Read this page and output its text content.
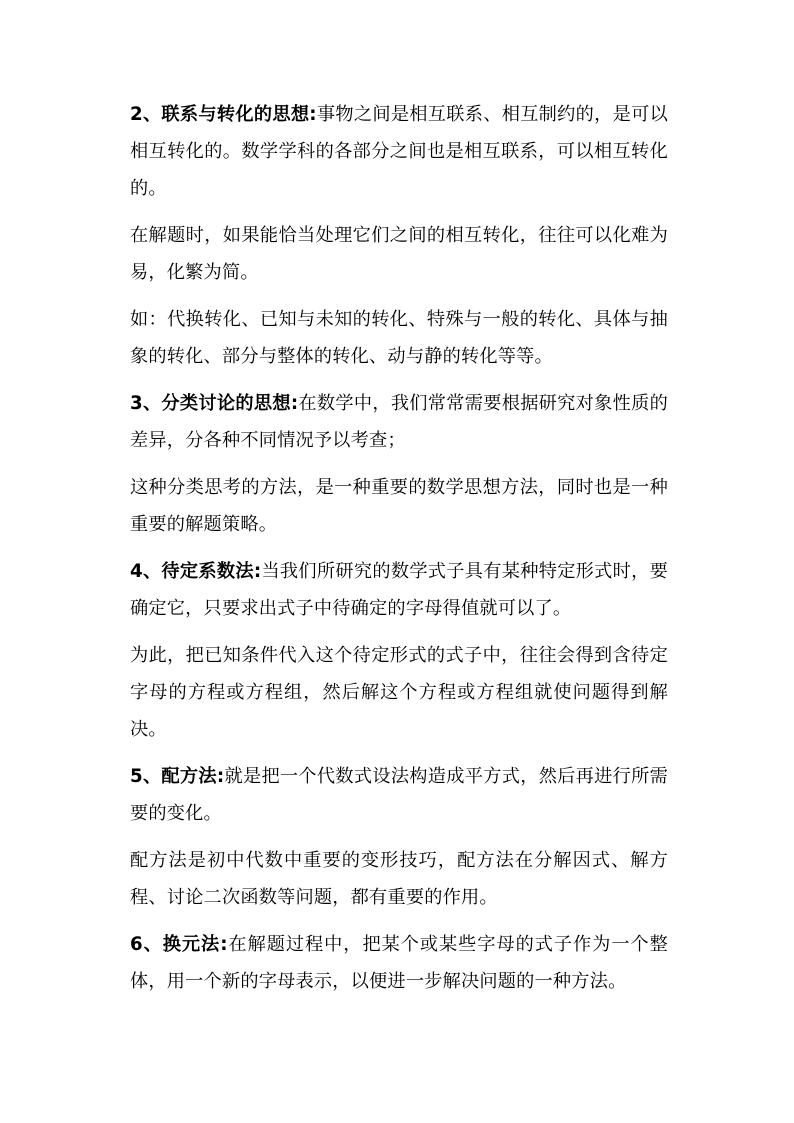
2、联系与转化的思想:事物之间是相互联系、相互制约的，是可以相互转化的。数学学科的各部分之间也是相互联系，可以相互转化的。

在解题时，如果能恰当处理它们之间的相互转化，往往可以化难为易，化繁为简。

如：代换转化、已知与未知的转化、特殊与一般的转化、具体与抽象的转化、部分与整体的转化、动与静的转化等等。

3、分类讨论的思想:在数学中，我们常常需要根据研究对象性质的差异，分各种不同情况予以考查；

这种分类思考的方法，是一种重要的数学思想方法，同时也是一种重要的解题策略。

4、待定系数法:当我们所研究的数学式子具有某种特定形式时，要确定它，只要求出式子中待确定的字母得值就可以了。

为此，把已知条件代入这个待定形式的式子中，往往会得到含待定字母的方程或方程组，然后解这个方程或方程组就使问题得到解决。

5、配方法:就是把一个代数式设法构造成平方式，然后再进行所需要的变化。

配方法是初中代数中重要的变形技巧，配方法在分解因式、解方程、讨论二次函数等问题，都有重要的作用。

6、换元法:在解题过程中，把某个或某些字母的式子作为一个整体，用一个新的字母表示，以便进一步解决问题的一种方法。
